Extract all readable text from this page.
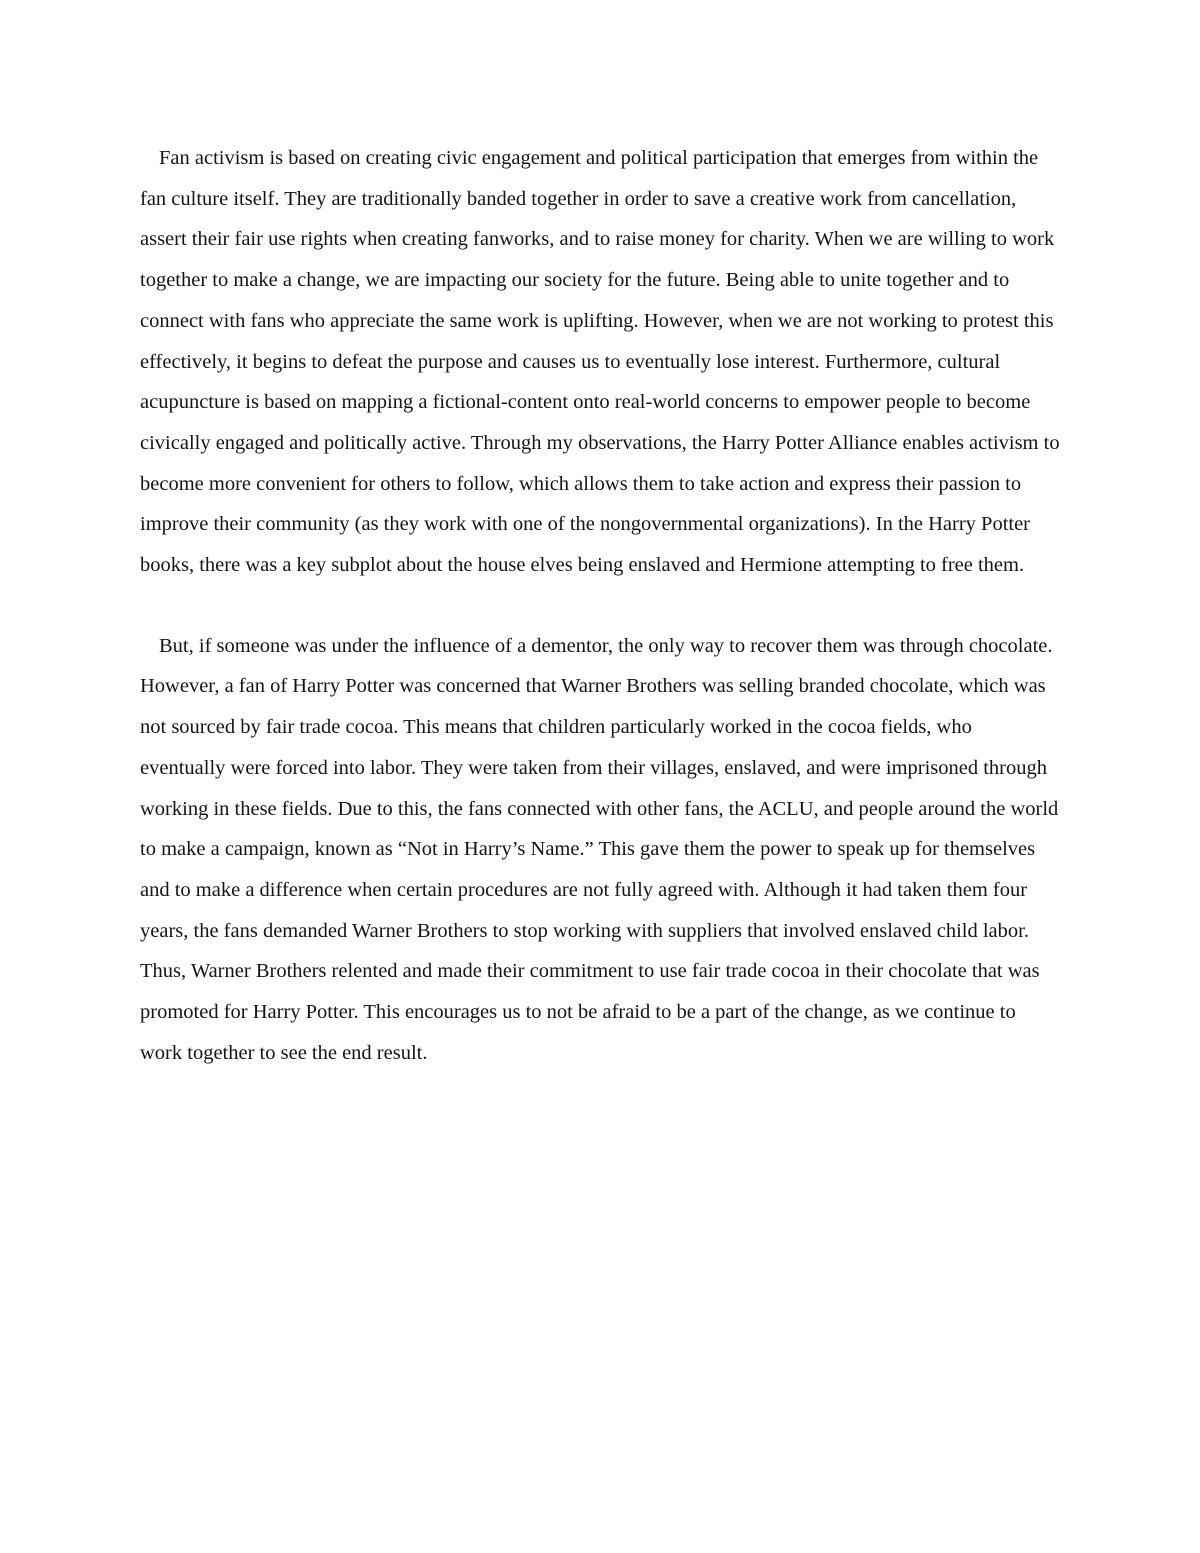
Fan activism is based on creating civic engagement and political participation that emerges from within the fan culture itself. They are traditionally banded together in order to save a creative work from cancellation, assert their fair use rights when creating fanworks, and to raise money for charity. When we are willing to work together to make a change, we are impacting our society for the future. Being able to unite together and to connect with fans who appreciate the same work is uplifting. However, when we are not working to protest this effectively, it begins to defeat the purpose and causes us to eventually lose interest. Furthermore, cultural acupuncture is based on mapping a fictional-content onto real-world concerns to empower people to become civically engaged and politically active. Through my observations, the Harry Potter Alliance enables activism to become more convenient for others to follow, which allows them to take action and express their passion to improve their community (as they work with one of the nongovernmental organizations). In the Harry Potter books, there was a key subplot about the house elves being enslaved and Hermione attempting to free them.

But, if someone was under the influence of a dementor, the only way to recover them was through chocolate. However, a fan of Harry Potter was concerned that Warner Brothers was selling branded chocolate, which was not sourced by fair trade cocoa. This means that children particularly worked in the cocoa fields, who eventually were forced into labor. They were taken from their villages, enslaved, and were imprisoned through working in these fields. Due to this, the fans connected with other fans, the ACLU, and people around the world to make a campaign, known as “Not in Harry’s Name.” This gave them the power to speak up for themselves and to make a difference when certain procedures are not fully agreed with. Although it had taken them four years, the fans demanded Warner Brothers to stop working with suppliers that involved enslaved child labor. Thus, Warner Brothers relented and made their commitment to use fair trade cocoa in their chocolate that was promoted for Harry Potter. This encourages us to not be afraid to be a part of the change, as we continue to work together to see the end result.
